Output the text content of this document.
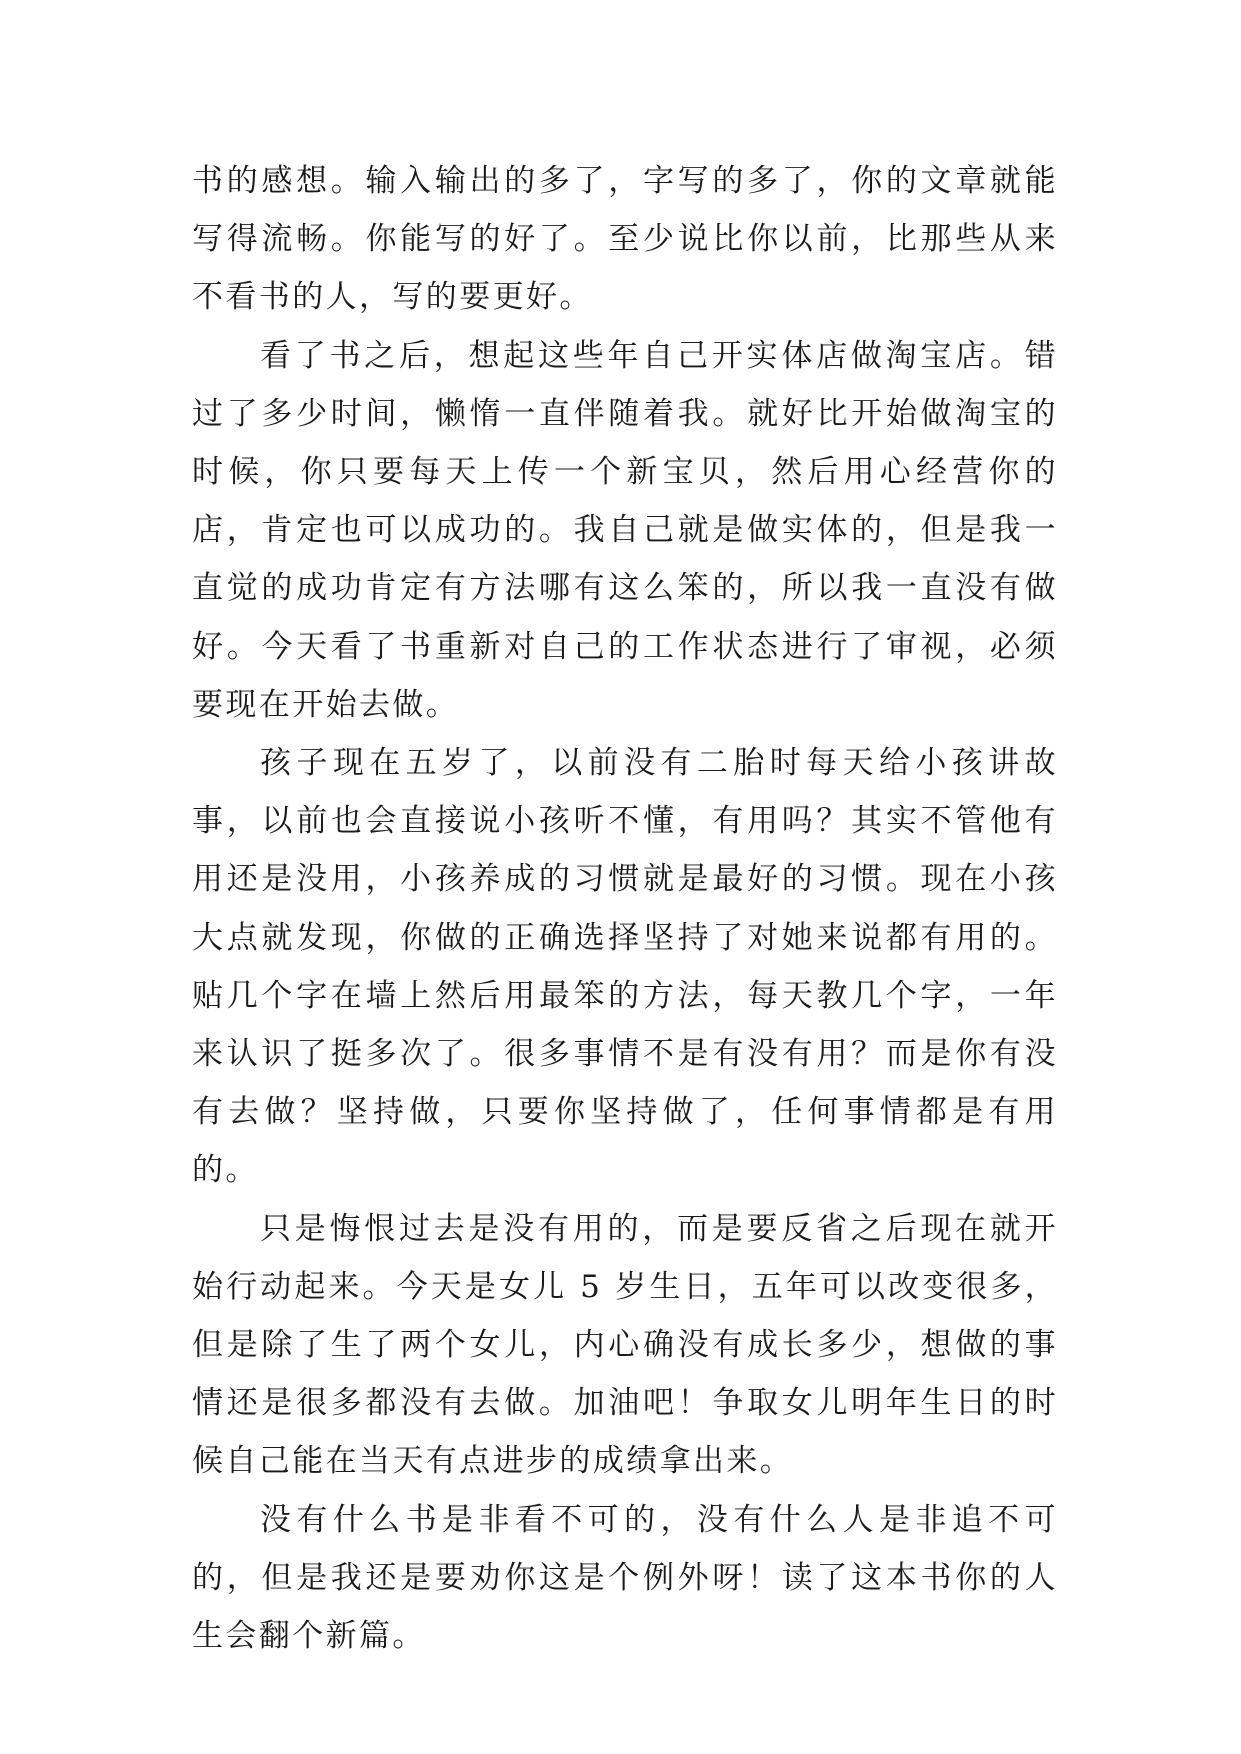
书的感想。输入输出的多了，字写的多了，你的文章就能写得流畅。你能写的好了。至少说比你以前，比那些从来不看书的人，写的要更好。

看了书之后，想起这些年自己开实体店做淘宝店。错过了多少时间，懒惰一直伴随着我。就好比开始做淘宝的时候，你只要每天上传一个新宝贝，然后用心经营你的店，肯定也可以成功的。我自己就是做实体的，但是我一直觉的成功肯定有方法哪有这么笨的，所以我一直没有做好。今天看了书重新对自己的工作状态进行了审视，必须要现在开始去做。

孩子现在五岁了，以前没有二胎时每天给小孩讲故事，以前也会直接说小孩听不懂，有用吗？其实不管他有用还是没用，小孩养成的习惯就是最好的习惯。现在小孩大点就发现，你做的正确选择坚持了对她来说都有用的。贴几个字在墙上然后用最笨的方法，每天教几个字，一年来认识了挺多次了。很多事情不是有没有用？而是你有没有去做？坚持做，只要你坚持做了，任何事情都是有用的。

只是悔恨过去是没有用的，而是要反省之后现在就开始行动起来。今天是女儿 5 岁生日，五年可以改变很多，但是除了生了两个女儿，内心确没有成长多少，想做的事情还是很多都没有去做。加油吧！争取女儿明年生日的时候自己能在当天有点进步的成绩拿出来。

没有什么书是非看不可的，没有什么人是非追不可的，但是我还是要劝你这是个例外呀！读了这本书你的人生会翻个新篇。
